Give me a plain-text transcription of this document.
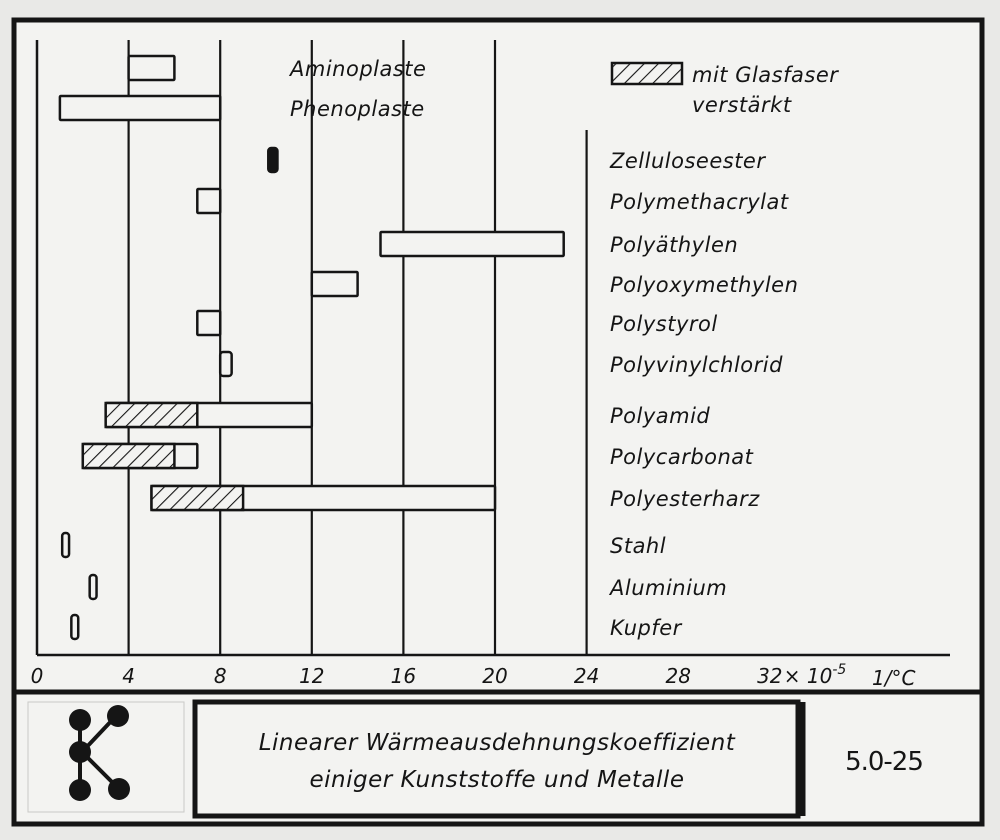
Aminoplaste
Phenoplaste
Zelluloseester
Polymethacrylat
Polyäthylen
Polyoxymethylen
Polystyrol
Polyvinylchlorid
Polyamid
Polycarbonat
Polyesterharz
Stahl
Aluminium
Kupfer
0	4	8	12	16	20	24	28	$32 \times 10^{-5}$ 1/°C
mit Glasfaser
verstärkt
Linearer Wärmeausdehnungskoeffizient
einiger Kunststoffe und Metalle
5.0-25
